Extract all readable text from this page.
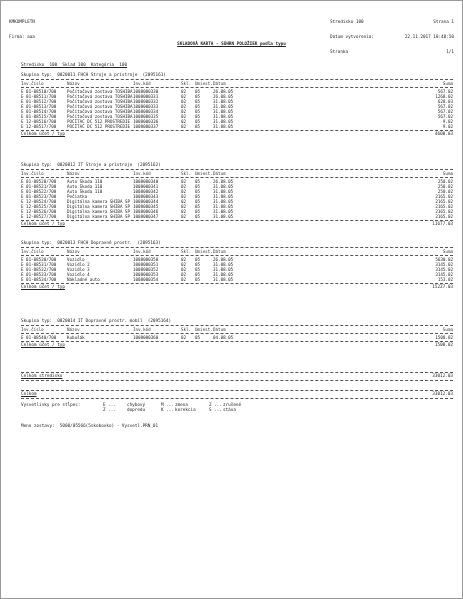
KMKOMPLETN

Firma: aaa

Stredisko 100	Strana 1

Datum vytvorenia:	22.11.2017 10:48:50

Stranka	1/1

SKLADOVÁ KARTA - SÚHRN POLOŽIEK podľa typu
Stredisko  100  Sklad 100  Kategória  100
Skupina typ:  0020011 FHCH Stroje a prístroje  (2095161)
Inv.číslo	Názov	Inv.kód	Skl. Umiest. Dátum	Suma
E 01-08510/700	Počítačová zostava TOSHIBA 1008000330	02	05	26.08.05	567.02
E 01-08511/700	Počítačová zostava TOSHIBA 1008000331	02	05	26.08.05	1268.02
E 01-08512/700	Počítačová zostava TOSHIBA 1008000332	02	05	31.08.05	628.03
E 01-08513/700	Počítačová zostava TOSHIBA 1008000333	02	05	31.08.05	567.02
E 01-08514/700	Počítačová zostava TOSHIBA 1008000334	02	05	31.08.05	567.02
E 01-08515/700	Počítačová zostava TOSHIBA 1008000335	02	05	31.08.05	567.02
E 12-08516/700	POČÍTAČ DC 512 PROSTREDIE 1008000336	02	05	31.08.05	9.02
E 12-08517/700	POČÍTAČ DC 512 PROSTREDIE 1008000337	02	05	31.08.05	9.02
Celkom účet / typ	4600.03
Skupina typ:  0020012 IT Stroje a prístroje  (2095162)
Inv.číslo	Názov	Inv.kód	Skl. Umiest. Dátum	Suma
E 01-08520/700	Auto Škoda 110	1008000340	02	05	26.08.05	250.02
E 01-08521/700	Auto Škoda 110	1008000341	02	05	31.08.05	250.02
E 01-08522/700	Auto Škoda 110	1008000342	02	05	31.08.05	250.02
E 01-08523/700	Pečiatka	1008000343	02	05	31.08.05	2165.02
E 12-08524/700	Digitálna kamera SHIBA SP 1008000344	02	05	31.08.05	2165.02
E 12-08525/700	Digitálna kamera SHIBA SP 1008000345	02	05	31.08.05	2165.02
E 12-08526/700	Digitálna kamera SHIBA SP 1008000346	02	05	31.08.05	2165.02
E 12-08527/700	Digitálna kamera SHIBA SP 1008000347	02	05	31.08.05	2165.02
Celkom účet / typ	11677.03
Skupina typ:  0020013 FHCH Dopravné prostr.  (2095163)
Inv.číslo	Názov	Inv.kód	Skl. Umiest. Dátum	Suma
E 01-08530/700	Vozidlo	1008000350	02	05	26.08.05	5630.02
E 01-08531/700	Vozidlo 2	1008000351	02	05	31.08.05	3145.02
E 01-08532/700	Vozidlo 3	1008000352	02	05	31.08.05	3145.02
E 01-08533/700	Vozidlo 4	1008000353	02	05	31.08.05	3145.02
E 01-08534/700	Nákladné auto	1008000354	02	05	31.08.05	153.02
Celkom účet / typ	15227.03
Skupina typ:  0020014 IT Dopravné prostr. mobil  (2095164)
Inv.číslo	Názov	Inv.kód	Skl. Umiest. Dátum	Suma
E 01-08540/700	Kubušák	1008000360	02	05	04.08.05	1508.02
Celkom účet / typ	1508.02
Celkom stredisko	33012.03
Celkom	33012.03
Vysvetlivky pre stĺpec:	E ...	chybový	M ... zmena	Z ... zrušené
Z ...	dopredu	K ... korekcia	S ... stáva
Meno zostavy:  5000/05566(5skobovko) - Vysvetl.PRN_01
